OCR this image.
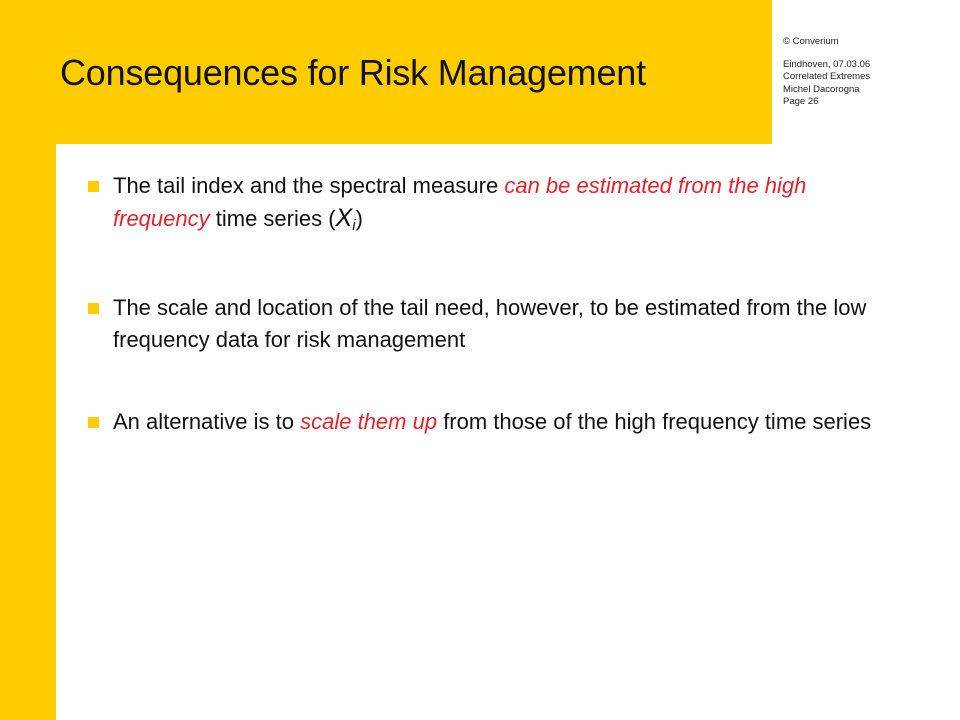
Consequences for Risk Management
© Converium
Eindhoven, 07.03.06
Correlated Extremes
Michel Dacorogna
Page 26
The tail index and the spectral measure can be estimated from the high frequency time series $(X_i)$
The scale and location of the tail need, however, to be estimated from the low frequency data for risk management
An alternative is to scale them up from those of the high frequency time series
